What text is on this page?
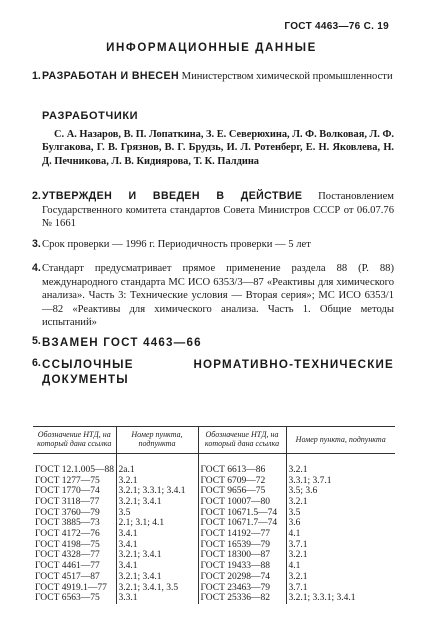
ГОСТ 4463—76 С. 19
ИНФОРМАЦИОННЫЕ ДАННЫЕ
1. РАЗРАБОТАН И ВНЕСЕН Министерством химической промышленности
РАЗРАБОТЧИКИ
С. А. Назаров, В. П. Лопаткина, З. Е. Северюхина, Л. Ф. Волковая, Л. Ф. Булгакова, Г. В. Грязнов, В. Г. Брудзь, И. Л. Ротенберг, Е. Н. Яковлева, Н. Д. Печникова, Л. В. Кидиярова, Т. К. Палдина
2. УТВЕРЖДЕН И ВВЕДЕН В ДЕЙСТВИЕ Постановлением Государственного комитета стандартов Совета Министров СССР от 06.07.76 № 1661
3. Срок проверки — 1996 г. Периодичность проверки — 5 лет
4. Стандарт предусматривает прямое применение раздела 88 (Р. 88) международного стандарта МС ИСО 6353/3—87 «Реактивы для химического анализа». Часть 3: Технические условия — Вторая серия»; МС ИСО 6353/1—82 «Реактивы для химического анализа. Часть 1. Общие методы испытаний»
5. ВЗАМЕН ГОСТ 4463—66
6. ССЫЛОЧНЫЕ НОРМАТИВНО-ТЕХНИЧЕСКИЕ ДОКУМЕНТЫ
Обозначение НТД, на который дана ссылка	Номер пункта, подпункта	Обозначение НТД, на который дана ссылка	Номер пункта, подпункта
ГОСТ 12.1.005—88	2а.1	ГОСТ 6613—86	3.2.1
ГОСТ 1277—75	3.2.1	ГОСТ 6709—72	3.3.1; 3.7.1
ГОСТ 1770—74	3.2.1; 3.3.1; 3.4.1	ГОСТ 9656—75	3.5; 3.6
ГОСТ 3118—77	3.2.1; 3.4.1	ГОСТ 10007—80	3.2.1
ГОСТ 3760—79	3.5	ГОСТ 10671.5—74	3.5
ГОСТ 3885—73	2.1; 3.1; 4.1	ГОСТ 10671.7—74	3.6
ГОСТ 4172—76	3.4.1	ГОСТ 14192—77	4.1
ГОСТ 4198—75	3.4.1	ГОСТ 16539—79	3.7.1
ГОСТ 4328—77	3.2.1; 3.4.1	ГОСТ 18300—87	3.2.1
ГОСТ 4461—77	3.4.1	ГОСТ 19433—88	4.1
ГОСТ 4517—87	3.2.1; 3.4.1	ГОСТ 20298—74	3.2.1
ГОСТ 4919.1—77	3.2.1; 3.4.1, 3.5	ГОСТ 23463—79	3.7.1
ГОСТ 6563—75	3.3.1	ГОСТ 25336—82	3.2.1; 3.3.1; 3.4.1
